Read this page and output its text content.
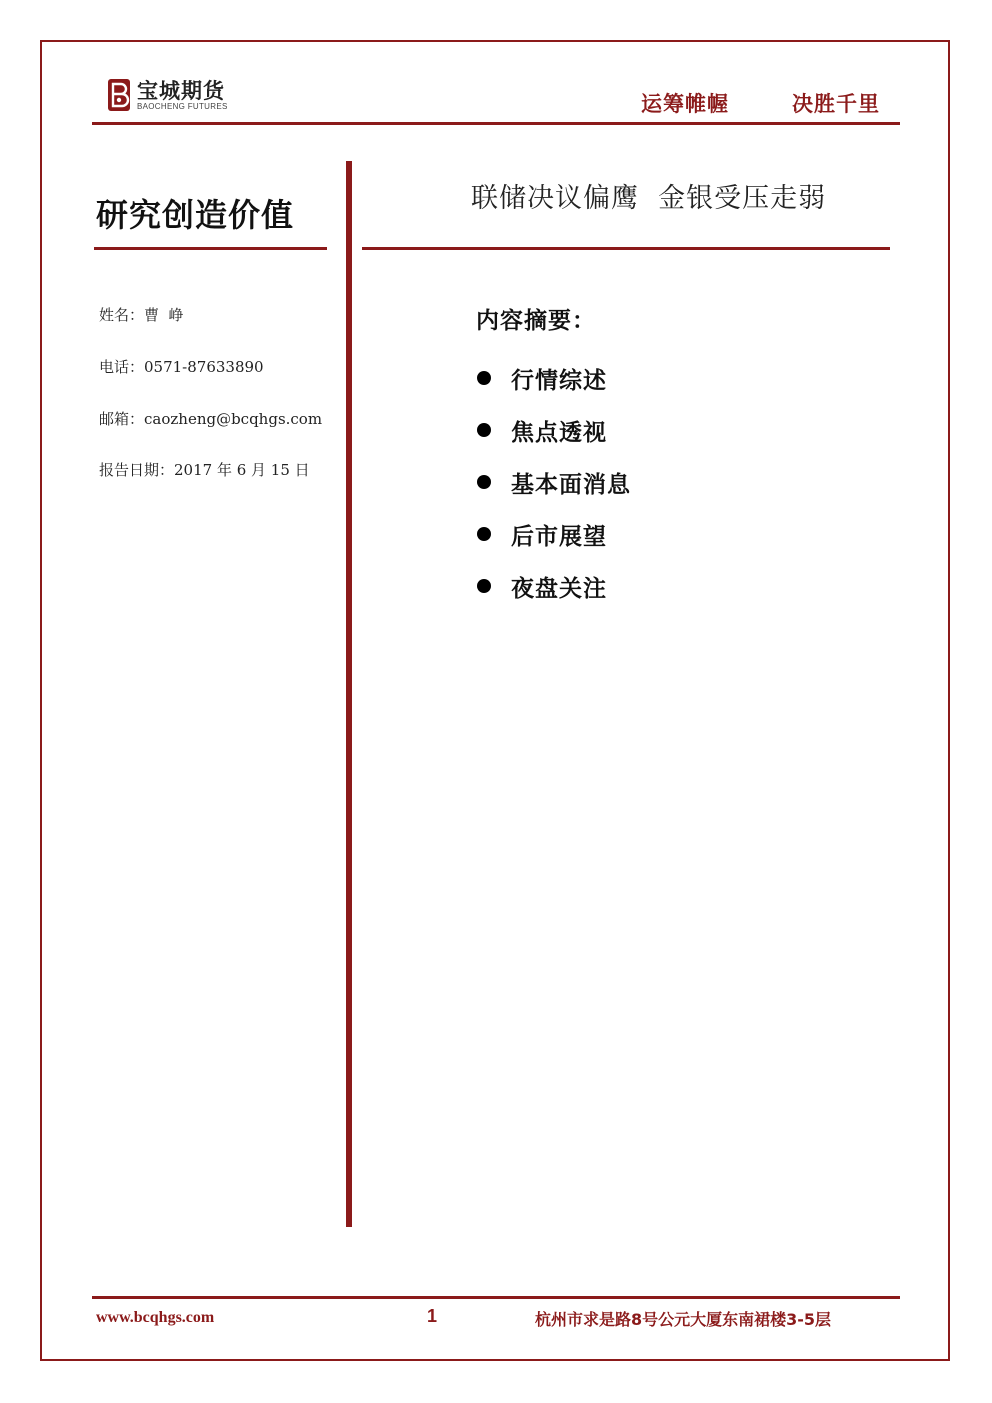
宝城期货
BAOCHENG FUTURES	运筹帷幄	决胜千里
研究创造价值
姓名：曹  峥
电话：0571-87633890
邮箱：caozheng@bcqhgs.com
报告日期：2017 年 6 月 15 日
联储决议偏鹰  金银受压走弱
内容摘要：
行情综述
焦点透视
基本面消息
后市展望
夜盘关注
www.bcqhgs.com	1	杭州市求是路8号公元大厦东南裙楼3-5层
